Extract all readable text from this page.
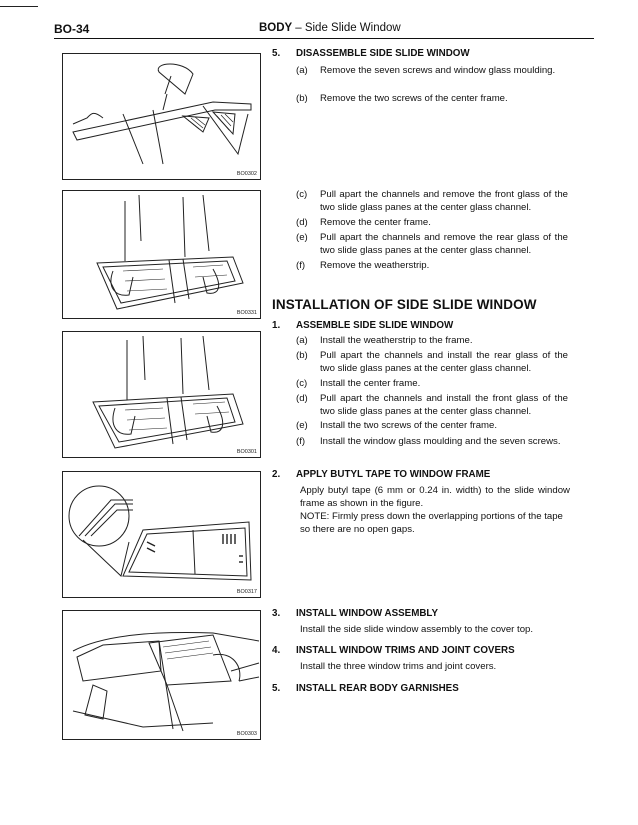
BO-34	BODY – Side Slide Window
BO0302
BO0331
BO0301
BO0317
BO0303
5. DISASSEMBLE SIDE SLIDE WINDOW
(a) Remove the seven screws and window glass moulding.
(b) Remove the two screws of the center frame.
(c) Pull apart the channels and remove the front glass of the two slide glass panes at the center glass channel.
(d) Remove the center frame.
(e) Pull apart the channels and remove the rear glass of the two slide glass panes at the center glass channel.
(f) Remove the weatherstrip.
INSTALLATION OF SIDE SLIDE WINDOW
1. ASSEMBLE SIDE SLIDE WINDOW
(a) Install the weatherstrip to the frame.
(b) Pull apart the channels and install the rear glass of the two slide glass panes at the center glass channel.
(c) Install the center frame.
(d) Pull apart the channels and install the front glass of the two slide glass panes at the center glass channel.
(e) Install the two screws of the center frame.
(f) Install the window glass moulding and the seven screws.
2. APPLY BUTYL TAPE TO WINDOW FRAME
Apply butyl tape (6 mm or 0.24 in. width) to the slide window frame as shown in the figure.
NOTE: Firmly press down the overlapping portions of the tape so there are no open gaps.
3. INSTALL WINDOW ASSEMBLY
Install the side slide window assembly to the cover top.
4. INSTALL WINDOW TRIMS AND JOINT COVERS
Install the three window trims and joint covers.
5. INSTALL REAR BODY GARNISHES
